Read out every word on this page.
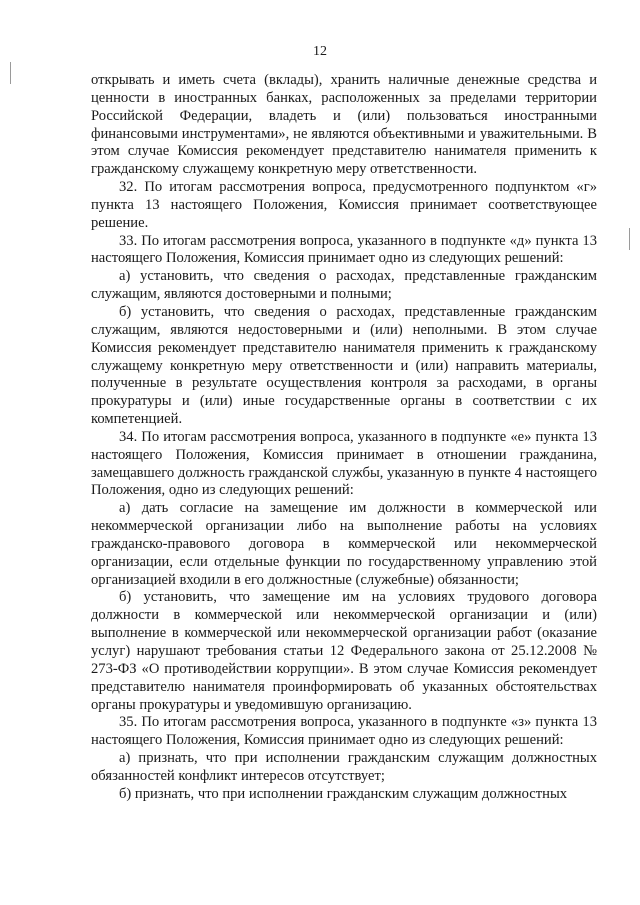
12

открывать и иметь счета (вклады), хранить наличные денежные средства и ценности в иностранных банках, расположенных за пределами территории Российской Федерации, владеть и (или) пользоваться иностранными финансовыми инструментами», не являются объективными и уважительными. В этом случае Комиссия рекомендует представителю нанимателя применить к гражданскому служащему конкретную меру ответственности.

32. По итогам рассмотрения вопроса, предусмотренного подпунктом «г» пункта 13 настоящего Положения, Комиссия принимает соответствующее решение.

33. По итогам рассмотрения вопроса, указанного в подпункте «д» пункта 13 настоящего Положения, Комиссия принимает одно из следующих решений:

а) установить, что сведения о расходах, представленные гражданским служащим, являются достоверными и полными;

б) установить, что сведения о расходах, представленные гражданским служащим, являются недостоверными и (или) неполными. В этом случае Комиссия рекомендует представителю нанимателя применить к гражданскому служащему конкретную меру ответственности и (или) направить материалы, полученные в результате осуществления контроля за расходами, в органы прокуратуры и (или) иные государственные органы в соответствии с их компетенцией.

34. По итогам рассмотрения вопроса, указанного в подпункте «е» пункта 13 настоящего Положения, Комиссия принимает в отношении гражданина, замещавшего должность гражданской службы, указанную в пункте 4 настоящего Положения, одно из следующих решений:

а) дать согласие на замещение им должности в коммерческой или некоммерческой организации либо на выполнение работы на условиях гражданско-правового договора в коммерческой или некоммерческой организации, если отдельные функции по государственному управлению этой организацией входили в его должностные (служебные) обязанности;

б) установить, что замещение им на условиях трудового договора должности в коммерческой или некоммерческой организации и (или) выполнение в коммерческой или некоммерческой организации работ (оказание услуг) нарушают требования статьи 12 Федерального закона от 25.12.2008 № 273-ФЗ «О противодействии коррупции». В этом случае Комиссия рекомендует представителю нанимателя проинформировать об указанных обстоятельствах органы прокуратуры и уведомившую организацию.

35. По итогам рассмотрения вопроса, указанного в подпункте «з» пункта 13 настоящего Положения, Комиссия принимает одно из следующих решений:

а) признать, что при исполнении гражданским служащим должностных обязанностей конфликт интересов отсутствует;

б) признать, что при исполнении гражданским служащим должностных
